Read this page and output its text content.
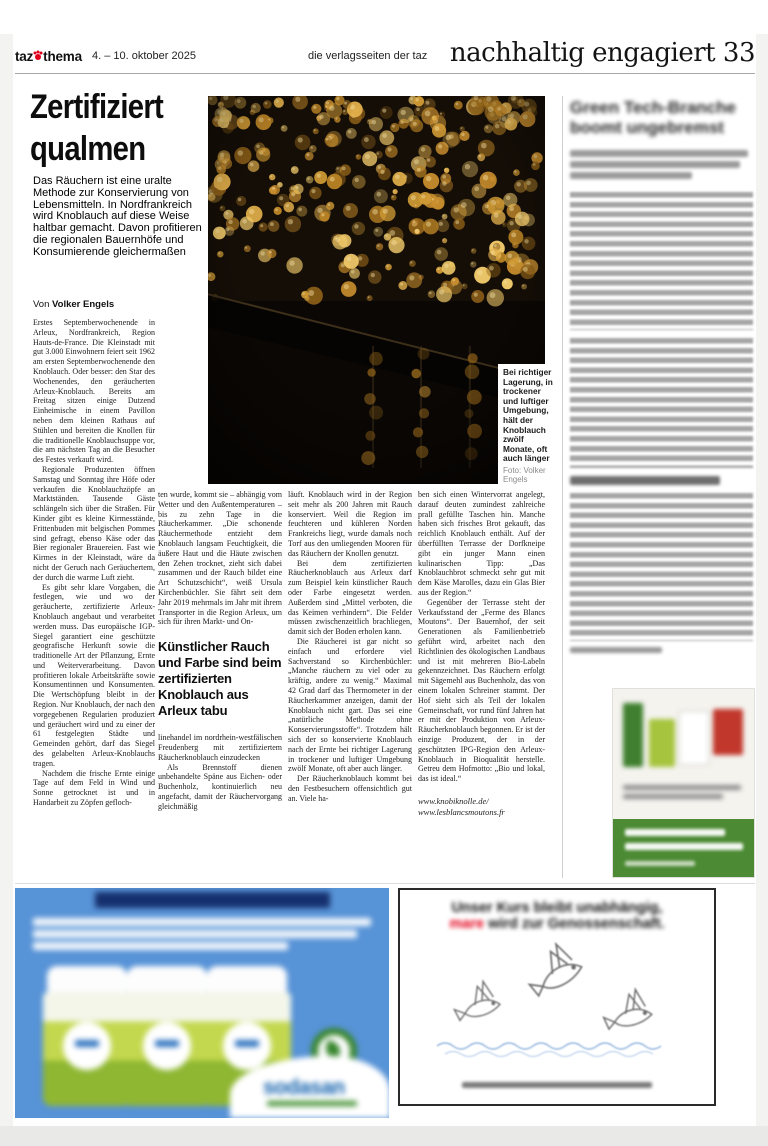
taz thema 4. – 10. oktober 2025	die verlagsseiten der taz nachhaltig engagiert 33
Zertifiziert
qualmen

Das Räuchern ist eine uralte Methode zur Konservierung von Lebensmitteln. In Nordfrankreich wird Knoblauch auf diese Weise haltbar gemacht. Davon profitieren die regionalen Bauernhöfe und Konsumierende gleichermaßen

Von Volker Engels

Bei richtiger Lagerung, in trockener und luftiger Umgebung, hält der Knoblauch zwölf Monate, oft auch länger
Foto: Volker Engels

Erstes Septemberwochenende in Arleux, Nordfrankreich, Region Hauts-de-France. Die Kleinstadt mit gut 3.000 Einwohnern feiert seit 1962 am ersten Septemberwochenende den Knoblauch. Oder besser: den Star des Wochenendes, den geräucherten Arleux-Knoblauch. Bereits am Freitag sitzen einige Dutzend Einheimische in einem Pavillon neben dem kleinen Rathaus auf Stühlen und bereiten die Knollen für die traditionelle Knoblauchsuppe vor, die am nächsten Tag an die Besucher des Festes verkauft wird.

Regionale Produzenten öffnen Samstag und Sonntag ihre Höfe oder verkaufen die Knoblauchzöpfe an Marktständen. Tausende Gäste schlängeln sich über die Straßen. Für Kinder gibt es kleine Kirmesstände, Frittenbuden mit belgischen Pommes sind gefragt, ebenso Käse oder das Bier regionaler Brauereien. Fast wie Kirmes in der Kleinstadt, wäre da nicht der Geruch nach Geräuchertem, der durch die warme Luft zieht.

Es gibt sehr klare Vorgaben, die festlegen, wie und wo der geräucherte, zertifizierte Arleux-Knoblauch angebaut und verarbeitet werden muss. Das europäische IGP-Siegel garantiert eine geschützte geografische Herkunft sowie die traditionelle Art der Pflanzung, Ernte und Weiterverarbeitung. Davon profitieren lokale Arbeitskräfte sowie Konsumentinnen und Konsumenten. Die Wertschöpfung bleibt in der Region. Nur Knoblauch, der nach den vorgegebenen Regularien produziert und geräuchert wird und zu einer der 61 festgelegten Städte und Gemeinden gehört, darf das Siegel des gelabelten Arleux-Knoblauchs tragen.

Nachdem die frische Ernte einige Tage auf dem Feld in Wind und Sonne getrocknet ist und in Handarbeit zu Zöpfen gefloch-

ten wurde, kommt sie – abhängig vom Wetter und den Außentemperaturen – bis zu zehn Tage in die Räucherkammer. „Die schonende Räuchermethode entzieht dem Knoblauch langsam Feuchtigkeit, die äußere Haut und die Häute zwischen den Zehen trocknet, zieht sich dabei zusammen und der Rauch bildet eine Art Schutzschicht“, weiß Ursula Kirchenbüchler. Sie fährt seit dem Jahr 2019 mehrmals im Jahr mit ihrem Transporter in die Region Arleux, um sich für ihren Markt- und On-

Künstlicher Rauch und Farbe sind beim zertifizierten Knoblauch aus Arleux tabu

linehandel im nordrhein-westfälischen Freudenberg mit zertifiziertem Räucherknoblauch einzudecken

Als Brennstoff dienen unbehandelte Späne aus Eichen- oder Buchenholz, kontinuierlich neu angefacht, damit der Räuchervorgang gleichmäßig

läuft. Knoblauch wird in der Region seit mehr als 200 Jahren mit Rauch konserviert. Weil die Region im feuchteren und kühleren Norden Frankreichs liegt, wurde damals noch Torf aus den umliegenden Mooren für das Räuchern der Knollen genutzt.

Bei dem zertifizierten Räucherknoblauch aus Arleux darf zum Beispiel kein künstlicher Rauch oder Farbe eingesetzt werden. Außerdem sind „Mittel verboten, die das Keimen verhindern“. Die Felder müssen zwischenzeitlich brachliegen, damit sich der Boden erholen kann.

Die Räucherei ist gar nicht so einfach und erfordere viel Sachverstand so Kirchenbüchler: „Manche räuchern zu viel oder zu kräftig, andere zu wenig.“ Maximal 42 Grad darf das Thermometer in der Räucherkammer anzeigen, damit der Knoblauch nicht gart. Das sei eine „natürliche Methode ohne Konservierungsstoffe“. Trotzdem hält sich der so konservierte Knoblauch nach der Ernte bei richtiger Lagerung in trockener und luftiger Umgebung zwölf Monate, oft aber auch länger.

Der Räucherknoblauch kommt bei den Festbesuchern offensichtlich gut an. Viele ha-

ben sich einen Wintervorrat angelegt, darauf deuten zumindest zahlreiche prall gefüllte Taschen hin. Manche haben sich frisches Brot gekauft, das reichlich Knoblauch enthält. Auf der überfüllten Terrasse der Dorfkneipe gibt ein junger Mann einen kulinarischen Tipp: „Das Knoblauchbrot schmeckt sehr gut mit dem Käse Marolles, dazu ein Glas Bier aus der Region.“

Gegenüber der Terrasse steht der Verkaufsstand der „Ferme des Blancs Moutons“. Der Bauernhof, der seit Generationen als Familienbetrieb geführt wird, arbeitet nach den Richtlinien des ökologischen Landbaus und ist mit mehreren Bio-Labeln gekennzeichnet. Das Räuchern erfolgt mit Sägemehl aus Buchenholz, das von einem lokalen Schreiner stammt. Der Hof sieht sich als Teil der lokalen Gemeinschaft, vor rund fünf Jahren hat er mit der Produktion von Arleux-Räucherknoblauch begonnen. Er ist der einzige Produzent, der in der geschützten IPG-Region den Arleux-Knoblauch in Bioqualität herstelle. Getreu dem Hofmotto: „Bio und lokal, das ist ideal.“

www.knobiknolle.de/
www.lesblancsmoutons.fr
Green Tech-Branche boomt ungebremst
sodasan
Unser Kurs bleibt unabhängig,
mare wird zur Genossenschaft.
